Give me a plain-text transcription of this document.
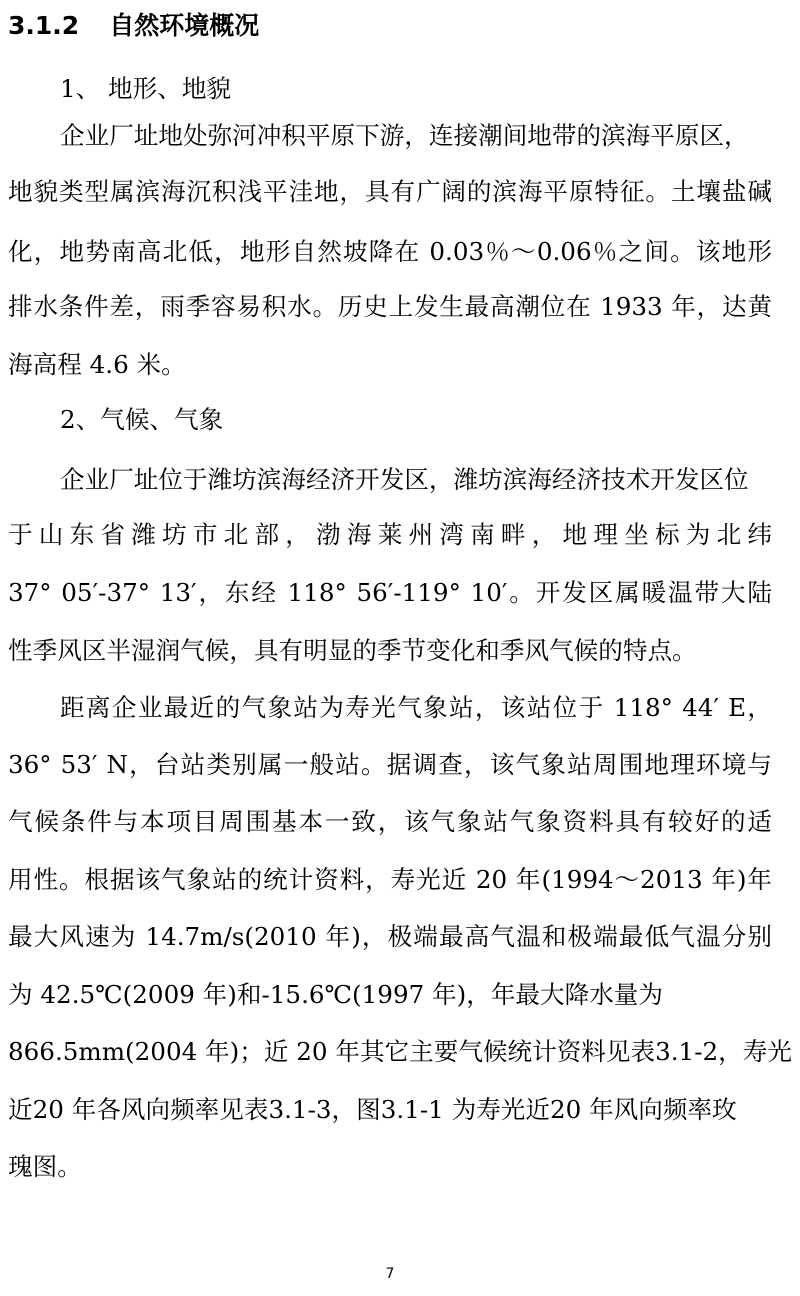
3.1.2 自然环境概况
1、 地形、地貌
企业厂址地处弥河冲积平原下游，连接潮间地带的滨海平原区，
地貌类型属滨海沉积浅平洼地，具有广阔的滨海平原特征。土壤盐碱
化，地势南高北低，地形自然坡降在 0.03％～0.06％之间。该地形
排水条件差，雨季容易积水。历史上发生最高潮位在 1933 年，达黄
海高程 4.6 米。
2、气候、气象
企业厂址位于潍坊滨海经济开发区，潍坊滨海经济技术开发区位
于山东省潍坊市北部，渤海莱州湾南畔，地理坐标为北纬
37° 05′-37° 13′，东经 118° 56′-119° 10′。开发区属暖温带大陆
性季风区半湿润气候，具有明显的季节变化和季风气候的特点。
距离企业最近的气象站为寿光气象站，该站位于 118° 44′ E，
36° 53′ N，台站类别属一般站。据调查，该气象站周围地理环境与
气候条件与本项目周围基本一致，该气象站气象资料具有较好的适
用性。根据该气象站的统计资料，寿光近 20 年(1994～2013 年)年
最大风速为 14.7m/s(2010 年)，极端最高气温和极端最低气温分别
为 42.5℃(2009 年)和-15.6℃(1997 年)，年最大降水量为
866.5mm(2004 年)；近 20 年其它主要气候统计资料见表3.1-2，寿光
近20 年各风向频率见表3.1-3，图3.1-1 为寿光近20 年风向频率玫
瑰图。
7
